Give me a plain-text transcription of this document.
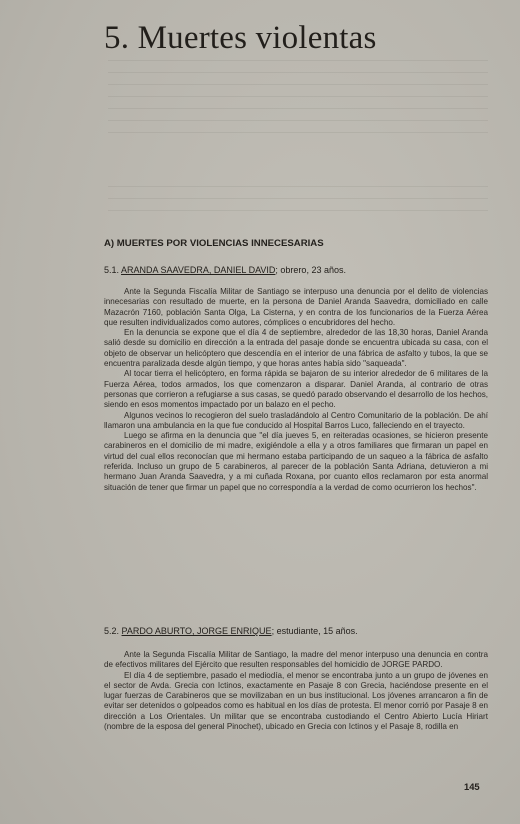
5. Muertes violentas
A) MUERTES POR VIOLENCIAS INNECESARIAS
5.1. ARANDA SAAVEDRA, DANIEL DAVID; obrero, 23 años.

Ante la Segunda Fiscalía Militar de Santiago se interpuso una denuncia por el delito de violencias innecesarias con resultado de muerte, en la persona de Daniel Aranda Saavedra, domiciliado en calle Mazacrón 7160, población Santa Olga, La Cisterna, y en contra de los funcionarios de la Fuerza Aérea que resulten individualizados como autores, cómplices o encubridores del hecho.

En la denuncia se expone que el día 4 de septiembre, alrededor de las 18,30 horas, Daniel Aranda salió desde su domicilio en dirección a la entrada del pasaje donde se encuentra ubicada su casa, con el objeto de observar un helicóptero que descendía en el interior de una fábrica de asfalto y tubos, la que se encuentra paralizada desde algún tiempo, y que horas antes había sido "saqueada".

Al tocar tierra el helicóptero, en forma rápida se bajaron de su interior alrededor de 6 militares de la Fuerza Aérea, todos armados, los que comenzaron a disparar. Daniel Aranda, al contrario de otras personas que corrieron a refugiarse a sus casas, se quedó parado observando el desarrollo de los hechos, siendo en esos momentos impactado por un balazo en el pecho.

Algunos vecinos lo recogieron del suelo trasladándolo al Centro Comunitario de la población. De ahí llamaron una ambulancia en la que fue conducido al Hospital Barros Luco, falleciendo en el trayecto.

Luego se afirma en la denuncia que "el día jueves 5, en reiteradas ocasiones, se hicieron presente carabineros en el domicilio de mi madre, exigiéndole a ella y a otros familiares que firmaran un papel en virtud del cual ellos reconocían que mi hermano estaba participando de un saqueo a la fábrica de asfalto referida. Incluso un grupo de 5 carabineros, al parecer de la población Santa Adriana, detuvieron a mi hermano Juan Aranda Saavedra, y a mi cuñada Roxana, por cuanto ellos reclamaron por esta anormal situación de tener que firmar un papel que no correspondía a la verdad de como ocurrieron los hechos".

5.2. PARDO ABURTO, JORGE ENRIQUE; estudiante, 15 años.

Ante la Segunda Fiscalía Militar de Santiago, la madre del menor interpuso una denuncia en contra de efectivos militares del Ejército que resulten responsables del homicidio de JORGE PARDO.

El día 4 de septiembre, pasado el mediodía, el menor se encontraba junto a un grupo de jóvenes en el sector de Avda. Grecia con Ictinos, exactamente en Pasaje 8 con Grecia, haciéndose presente en el lugar fuerzas de Carabineros que se movilizaban en un bus institucional. Los jóvenes arrancaron a fin de evitar ser detenidos o golpeados como es habitual en los días de protesta. El menor corrió por Pasaje 8 en dirección a Los Orientales. Un militar que se encontraba custodiando el Centro Abierto Lucía Hiriart (nombre de la esposa del general Pinochet), ubicado en Grecia con Ictinos y el Pasaje 8, rodilla en

145
